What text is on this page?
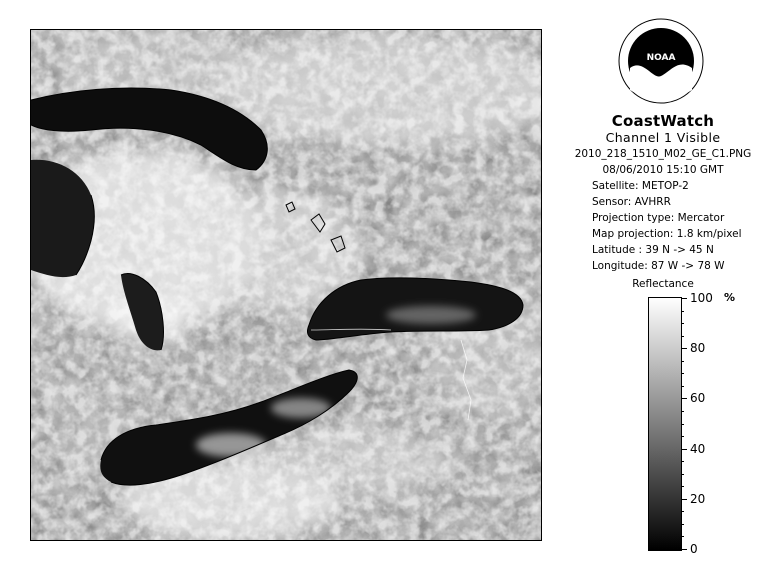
NOAA
CoastWatch
Channel 1 Visible
2010_218_1510_M02_GE_C1.PNG
08/06/2010 15:10 GMT
Satellite: METOP-2
Sensor: AVHRR
Projection type: Mercator
Map projection: 1.8 km/pixel
Latitude : 39 N -> 45 N
Longitude: 87 W -> 78 W
Reflectance
%
100
80
60
40
20
0
